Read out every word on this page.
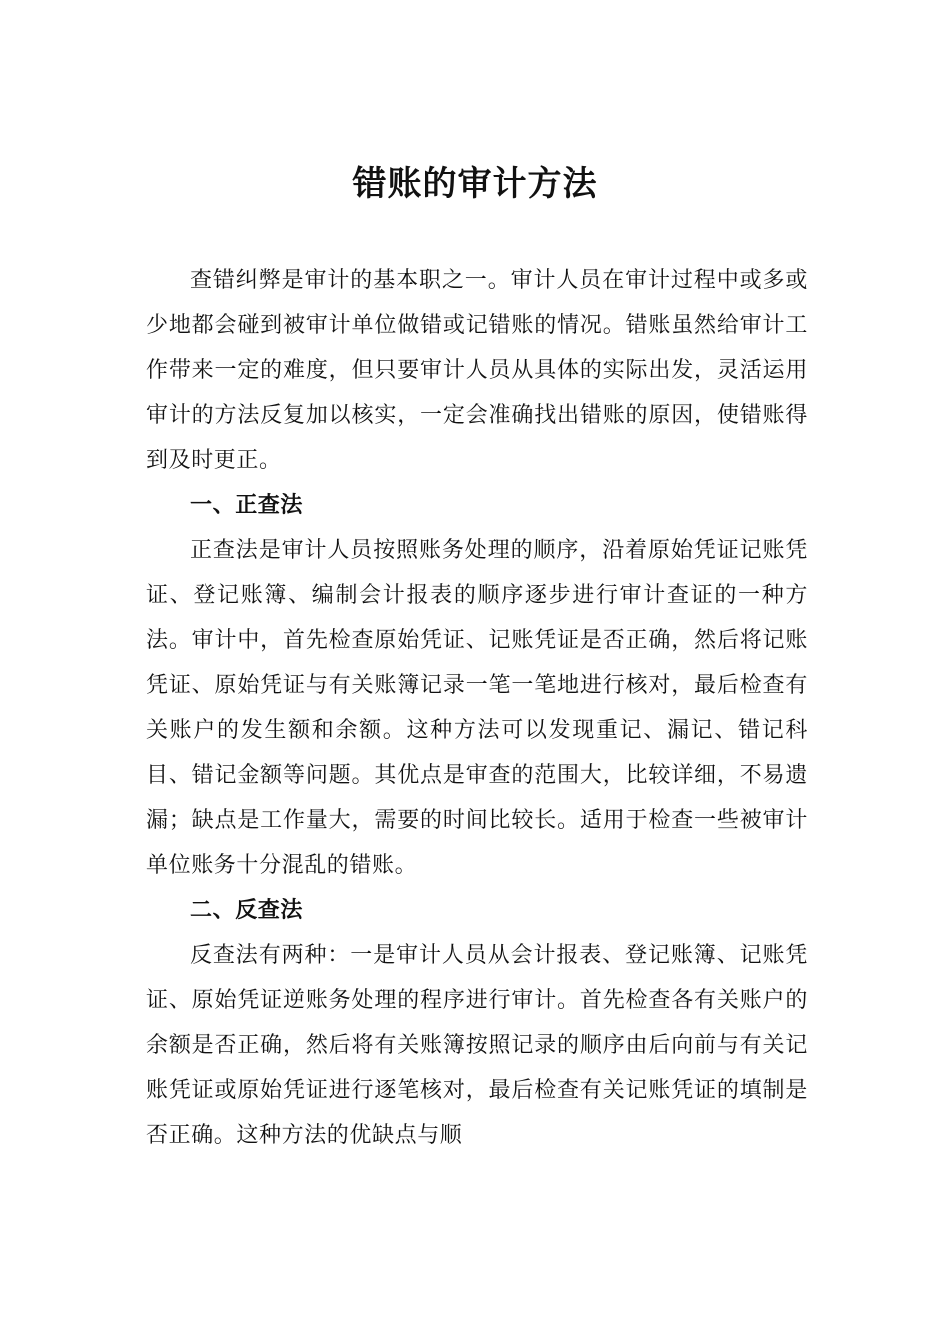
错账的审计方法

查错纠弊是审计的基本职之一。审计人员在审计过程中或多或少地都会碰到被审计单位做错或记错账的情况。错账虽然给审计工作带来一定的难度，但只要审计人员从具体的实际出发，灵活运用审计的方法反复加以核实，一定会准确找出错账的原因，使错账得到及时更正。

一、正查法

正查法是审计人员按照账务处理的顺序，沿着原始凭证记账凭证、登记账簿、编制会计报表的顺序逐步进行审计查证的一种方法。审计中，首先检查原始凭证、记账凭证是否正确，然后将记账凭证、原始凭证与有关账簿记录一笔一笔地进行核对，最后检查有关账户的发生额和余额。这种方法可以发现重记、漏记、错记科目、错记金额等问题。其优点是审查的范围大，比较详细，不易遗漏；缺点是工作量大，需要的时间比较长。适用于检查一些被审计单位账务十分混乱的错账。

二、反查法

反查法有两种：一是审计人员从会计报表、登记账簿、记账凭证、原始凭证逆账务处理的程序进行审计。首先检查各有关账户的余额是否正确，然后将有关账簿按照记录的顺序由后向前与有关记账凭证或原始凭证进行逐笔核对，最后检查有关记账凭证的填制是否正确。这种方法的优缺点与顺
